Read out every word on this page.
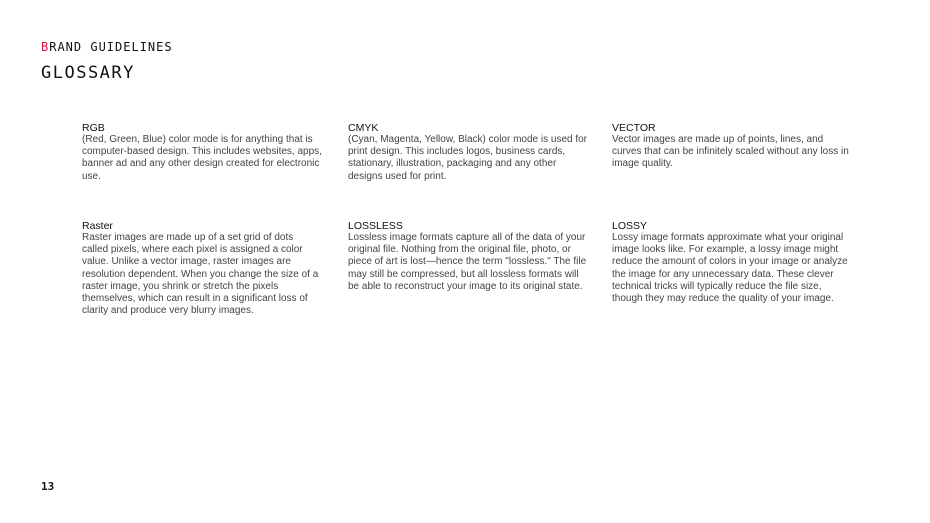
BRAND GUIDELINES
GLOSSARY

RGB

(Red, Green, Blue) color mode is for anything that is computer-based design. This includes websites, apps, banner ad and any other design created for electronic use.

CMYK

(Cyan, Magenta, Yellow, Black) color mode is used for print design. This includes logos, business cards, stationary, illustration, packaging and any other designs used for print.

VECTOR

Vector images are made up of points, lines, and curves that can be infinitely scaled without any loss in image quality.

Raster

Raster images are made up of a set grid of dots called pixels, where each pixel is assigned a color value. Unlike a vector image, raster images are resolution dependent. When you change the size of a raster image, you shrink or stretch the pixels themselves, which can result in a significant loss of clarity and produce very blurry images.

LOSSLESS

Lossless image formats capture all of the data of your original file. Nothing from the original file, photo, or piece of art is lost—hence the term "lossless." The file may still be compressed, but all lossless formats will be able to reconstruct your image to its original state.

LOSSY

Lossy image formats approximate what your original image looks like. For example, a lossy image might reduce the amount of colors in your image or analyze the image for any unnecessary data. These clever technical tricks will typically reduce the file size, though they may reduce the quality of your image.

13
